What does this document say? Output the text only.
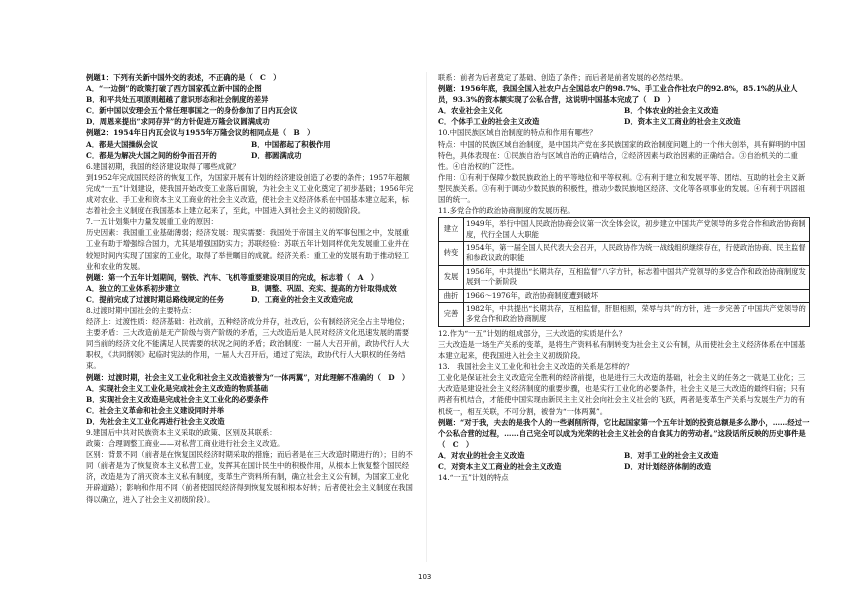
例题1：下列有关新中国外交的表述，不正确的是（　C　）

A．“一边倒”的政策打破了西方国家孤立新中国的企图

B．和平共处五项原则超越了意识形态和社会制度的差异

C．新中国以安理会五个常任理事国之一的身份参加了日内瓦会议

D．周恩来提出“求同存异”的方针促进万隆会议圆满成功

例题2：1954年日内瓦会议与1955年万隆会议的相同点是（　B　）

A．都是大国操纵会议	B．中国都起了积极作用

C．都是为解决大国之间的纷争而召开的	D．都圆满成功

6.建国初期，我国的经济建设取得了哪些成就？

到1952年完成国民经济的恢复工作，为国家开展有计划的经济建设创造了必要的条件；1957年超额完成“一五”计划建设，使我国开始改变工业落后面貌，为社会主义工业化奠定了初步基础；1956年完成对农业、手工业和资本主义工商业的社会主义改造，使社会主义经济体系在中国基本建立起来，标志着社会主义制度在我国基本上建立起来了，至此，中国进入到社会主义的初级阶段。

7.一五计划集中力量发展重工业的原因：

历史因素：我国重工业基础薄弱；经济发展：现实需要：我国处于帝国主义的军事包围之中，发展重工业有助于增强综合国力，尤其是增强国防实力；苏联经验：苏联五年计划同样优先发展重工业并在较短时间内实现了国家的工业化，取得了举世瞩目的成就。经济关系：重工业的发展有助于推动轻工业和农业的发展。

例题：第一个五年计划期间，钢铁、汽车、飞机等重要建设项目的完成，标志着（　A　）

A．独立的工业体系初步建立	B．调整、巩固、充实、提高的方针取得成效

C．提前完成了过渡时期总路线规定的任务	D．工商业的社会主义改造完成

8.过渡时期中国社会的主要特点：

经济上：过渡性质：经济基础：社改前，五种经济成分并存，社改后，公有制经济完全占主导地位；主要矛盾：三大改造前是无产阶级与资产阶级的矛盾，三大改造后是人民对经济文化迅速发展的需要同当前的经济文化不能满足人民需要的状况之间的矛盾；政治制度：一届人大召开前，政协代行人大职权，《共同纲领》起临时宪法的作用，一届人大召开后，通过了宪法，政协代行人大职权的任务结束。

例题：过渡时期，社会主义工业化和社会主义改造被誉为“一体两翼”，对此理解不准确的（　D　）

A．实现社会主义工业化是完成社会主义改造的物质基础

B．实现社会主义改造是完成社会主义工业化的必要条件

C．社会主义革命和社会主义建设同时并举

D．先社会主义工业化再进行社会主义改造

9.建国后中共对民族资本主义采取的政策、区别及其联系：

政策：合理调整工商业——对私营工商业进行社会主义改造。

区别：背景不同（前者是在恢复国民经济时期采取的措施；而后者是在三大改造时期进行的）；目的不同（前者是为了恢复资本主义私营工业，发挥其在国计民生中的积极作用，从根本上恢复整个国民经济，改造是为了消灭资本主义私有制度，变革生产资料所有制，确立社会主义公有制，为国家工业化开辟道路）；影响和作用不同（前者使国民经济得到恢复发展和根本好转；后者使社会主义制度在我国得以确立，进入了社会主义初级阶段）。

联系：前者为后者奠定了基础、创造了条件；而后者是前者发展的必然结果。

例题：1956年底，我国全国入社农户占全国总农户的98.7%、手工业合作社农户的92.8%，85.1%的从业人员，93.3%的资本额实现了公私合营，这说明中国基本完成了（　D　）

A．农业社会主义化	B．个体农业的社会主义改造

C．个体手工业的社会主义改造	D．资本主义工商业的社会主义改造

10.中国民族区域自治制度的特点和作用有哪些？

特点：中国的民族区域自治制度，是中国共产党在多民族国家的政治制度问题上的一个伟大创举，具有鲜明的中国特色，具体表现在：①民族自治与区域自治的正确结合，②经济因素与政治因素的正确结合。③自治机关的二重性。④自治权的广泛性。

作用：①有利于保障少数民族政治上的平等地位和平等权利。②有利于建立和发展平等、团结、互助的社会主义新型民族关系。③有利于调动少数民族的积极性，推动少数民族地区经济、文化等各项事业的发展。④有利于巩固祖国的统一。

11.多党合作的政治协商制度的发展历程。

建立	1949年，举行中国人民政治协商会议第一次全体会议，初步建立中国共产党领导的多党合作和政治协商制度，代行全国人大职能
转变	1954年，第一届全国人民代表大会召开，人民政协作为统一战线组织继续存在，行使政治协商、民主监督和参政议政的职能
发展	1956年，中共提出“长期共存，互相监督”八字方针，标志着中国共产党领导的多党合作和政治协商制度发展到一个新阶段
曲折	1966～1976年，政治协商制度遭到破坏
完善	1982年，中共提出“长期共存，互相监督，肝胆相照，荣辱与共”的方针，进一步完善了中国共产党领导的多党合作和政治协商制度

12.作为“一五”计划的组成部分，三大改造的实质是什么？

三大改造是一场生产关系的变革，是将生产资料私有制转变为社会主义公有制，从而使社会主义经济体系在中国基本建立起来，使我国进入社会主义初级阶段。

13.　我国社会主义工业化和社会主义改造的关系是怎样的？

工业化是保证社会主义改造完全胜利的经济前提，也是进行三大改造的基础，社会主义的任务之一就是工业化；三大改造是建设社会主义经济制度的重要步骤，也是实行工业化的必要条件，社会主义是三大改造的最终归宿；只有两者有机结合，才能使中国实现由新民主主义社会向社会主义社会的飞跃，两者是变革生产关系与发展生产力的有机统一，相互关联，不可分割，被誉为“一体两翼”。

例题：“对于我，夫去的是我个人的一些剥削所得，它比起国家第一个五年计划的投资总额是多么渺小，……经过一个公私合营的过程，……自己完全可以成为光荣的社会主义社会的自食其力的劳动者。”这段话所反映的历史事件是（　C　）

A．对农业的社会主义改造	B．对手工业的社会主义改造

C．对资本主义工商业的社会主义改造	D．对计划经济体制的改造

14.“一五”计划的特点

103
